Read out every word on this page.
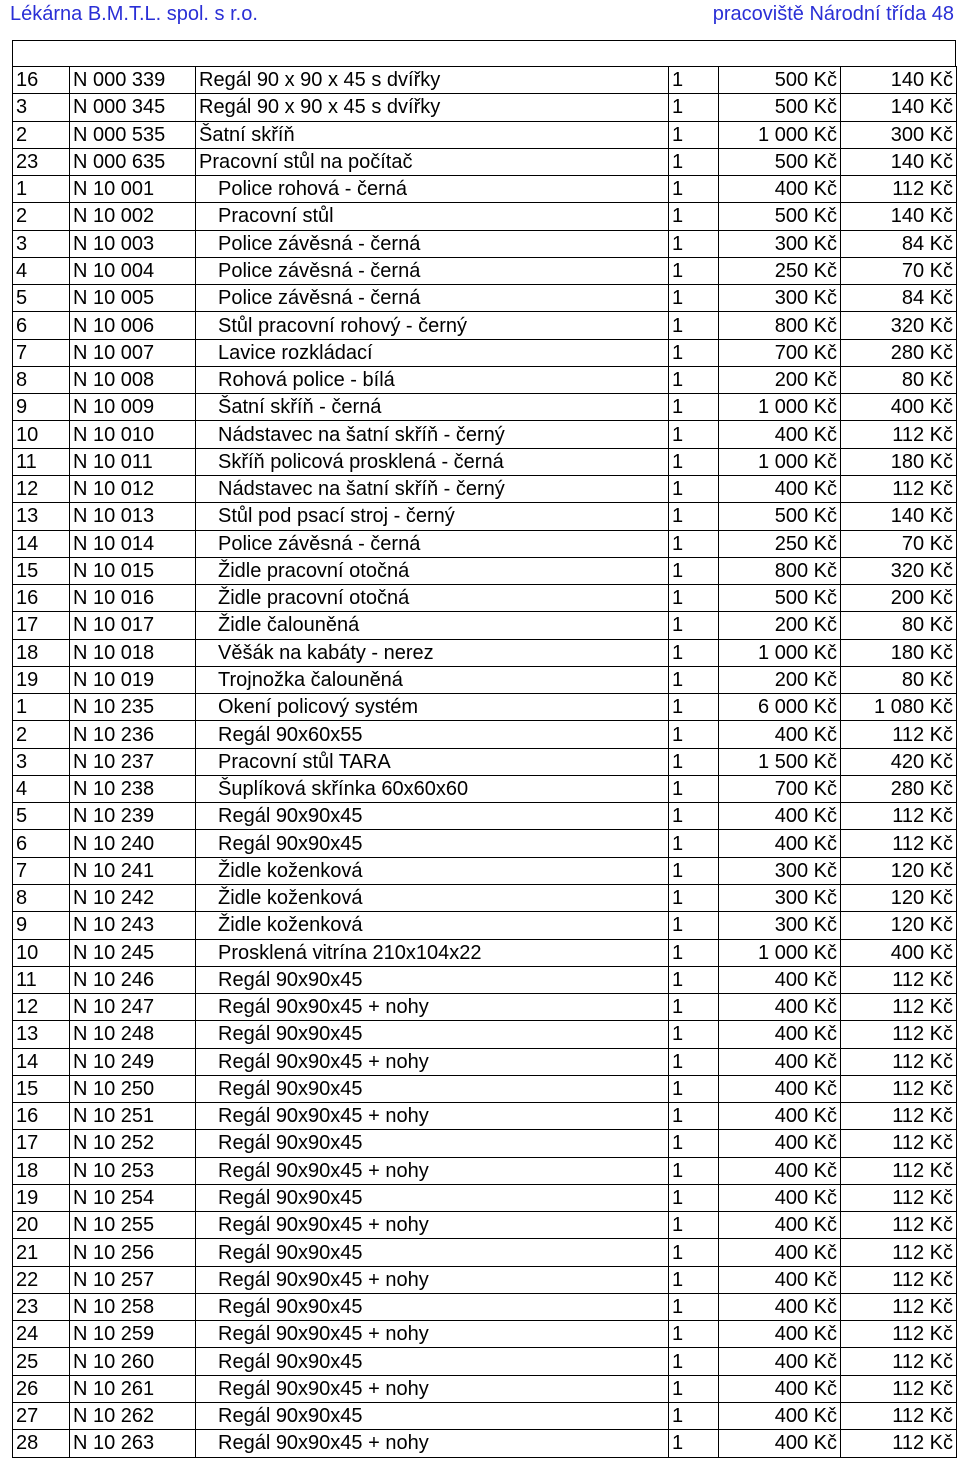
Lékárna B.M.T.L. spol. s r.o.	pracoviště Národní třída 48
16	N 000 339	Regál 90 x 90 x 45 s dvířky	1	500 Kč	140 Kč
3	N 000 345	Regál 90 x 90 x 45 s dvířky	1	500 Kč	140 Kč
2	N 000 535	Šatní skříň	1	1 000 Kč	300 Kč
23	N 000 635	Pracovní stůl na počítač	1	500 Kč	140 Kč
1	N 10 001	Police rohová - černá	1	400 Kč	112 Kč
2	N 10 002	Pracovní stůl	1	500 Kč	140 Kč
3	N 10 003	Police závěsná - černá	1	300 Kč	84 Kč
4	N 10 004	Police závěsná - černá	1	250 Kč	70 Kč
5	N 10 005	Police závěsná - černá	1	300 Kč	84 Kč
6	N 10 006	Stůl pracovní rohový - černý	1	800 Kč	320 Kč
7	N 10 007	Lavice rozkládací	1	700 Kč	280 Kč
8	N 10 008	Rohová police - bílá	1	200 Kč	80 Kč
9	N 10 009	Šatní skříň - černá	1	1 000 Kč	400 Kč
10	N 10 010	Nádstavec na šatní skříň - černý	1	400 Kč	112 Kč
11	N 10 011	Skříň policová prosklená - černá	1	1 000 Kč	180 Kč
12	N 10 012	Nádstavec na šatní skříň - černý	1	400 Kč	112 Kč
13	N 10 013	Stůl pod psací stroj - černý	1	500 Kč	140 Kč
14	N 10 014	Police závěsná - černá	1	250 Kč	70 Kč
15	N 10 015	Židle pracovní otočná	1	800 Kč	320 Kč
16	N 10 016	Židle pracovní otočná	1	500 Kč	200 Kč
17	N 10 017	Židle čalouněná	1	200 Kč	80 Kč
18	N 10 018	Věšák na kabáty - nerez	1	1 000 Kč	180 Kč
19	N 10 019	Trojnožka čalouněná	1	200 Kč	80 Kč
1	N 10 235	Okení policový systém	1	6 000 Kč	1 080 Kč
2	N 10 236	Regál 90x60x55	1	400 Kč	112 Kč
3	N 10 237	Pracovní stůl TARA	1	1 500 Kč	420 Kč
4	N 10 238	Šuplíková skřínka 60x60x60	1	700 Kč	280 Kč
5	N 10 239	Regál 90x90x45	1	400 Kč	112 Kč
6	N 10 240	Regál 90x90x45	1	400 Kč	112 Kč
7	N 10 241	Židle koženková	1	300 Kč	120 Kč
8	N 10 242	Židle koženková	1	300 Kč	120 Kč
9	N 10 243	Židle koženková	1	300 Kč	120 Kč
10	N 10 245	Prosklená vitrína 210x104x22	1	1 000 Kč	400 Kč
11	N 10 246	Regál 90x90x45	1	400 Kč	112 Kč
12	N 10 247	Regál 90x90x45 + nohy	1	400 Kč	112 Kč
13	N 10 248	Regál 90x90x45	1	400 Kč	112 Kč
14	N 10 249	Regál 90x90x45 + nohy	1	400 Kč	112 Kč
15	N 10 250	Regál 90x90x45	1	400 Kč	112 Kč
16	N 10 251	Regál 90x90x45 + nohy	1	400 Kč	112 Kč
17	N 10 252	Regál 90x90x45	1	400 Kč	112 Kč
18	N 10 253	Regál 90x90x45 + nohy	1	400 Kč	112 Kč
19	N 10 254	Regál 90x90x45	1	400 Kč	112 Kč
20	N 10 255	Regál 90x90x45 + nohy	1	400 Kč	112 Kč
21	N 10 256	Regál 90x90x45	1	400 Kč	112 Kč
22	N 10 257	Regál 90x90x45 + nohy	1	400 Kč	112 Kč
23	N 10 258	Regál 90x90x45	1	400 Kč	112 Kč
24	N 10 259	Regál 90x90x45 + nohy	1	400 Kč	112 Kč
25	N 10 260	Regál 90x90x45	1	400 Kč	112 Kč
26	N 10 261	Regál 90x90x45 + nohy	1	400 Kč	112 Kč
27	N 10 262	Regál 90x90x45	1	400 Kč	112 Kč
28	N 10 263	Regál 90x90x45 + nohy	1	400 Kč	112 Kč
